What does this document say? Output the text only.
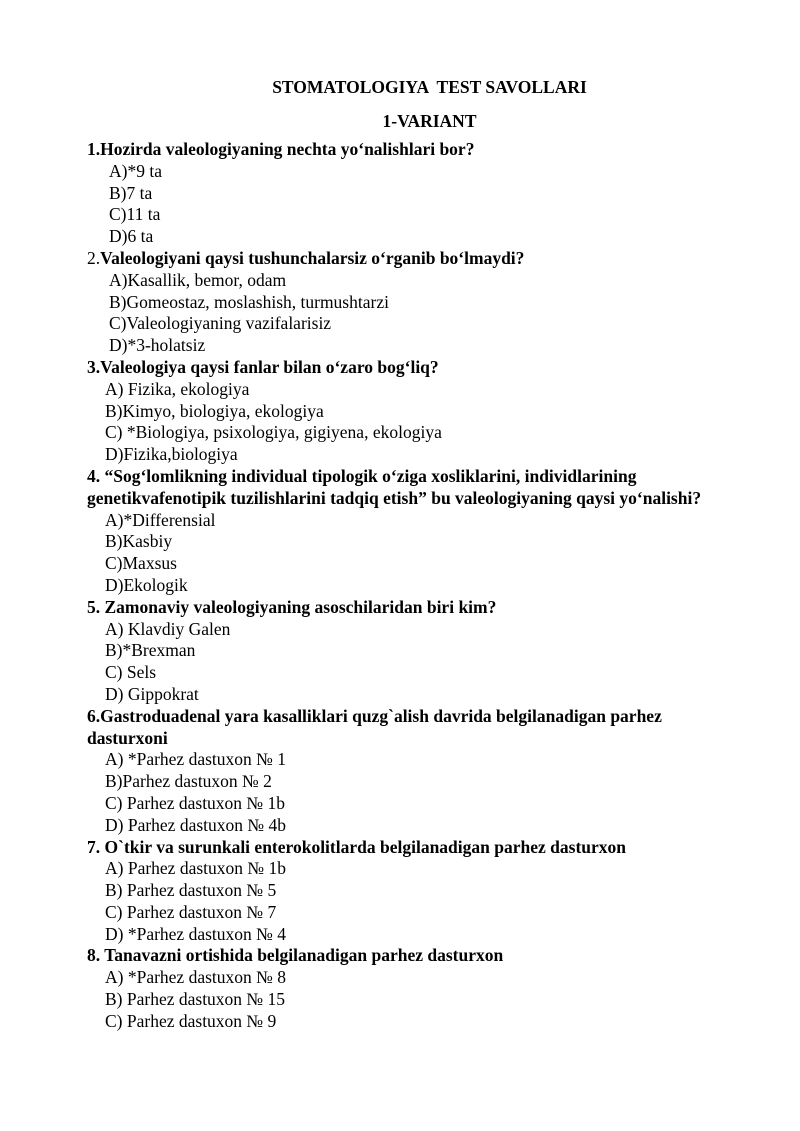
STOMATOLOGIYA  TEST SAVOLLARI
1-VARIANT

1.Hozirda valeologiyaning nechta yo‘nalishlari bor?

A)*9 ta
B)7 ta
C)11 ta
D)6 ta

2.Valeologiyani qaysi tushunchalarsiz o‘rganib bo‘lmaydi?

A)Kasallik, bemor, odam
B)Gomeostaz, moslashish, turmushtarzi
C)Valeologiyaning vazifalarisiz
D)*3-holatsiz

3.Valeologiya qaysi fanlar bilan o‘zaro bog‘liq?

A) Fizika, ekologiya
B)Kimyo, biologiya, ekologiya
C) *Biologiya, psixologiya, gigiyena, ekologiya
D)Fizika,biologiya

4. “Sog‘lomlikning individual tipologik o‘ziga xosliklarini, individlarining genetikvafenotipik tuzilishlarini tadqiq etish” bu valeologiyaning qaysi yo‘nalishi?

A)*Differensial
B)Kasbiy
C)Maxsus
D)Ekologik

5. Zamonaviy valeologiyaning asoschilaridan biri kim?

A) Klavdiy Galen
B)*Brexman
C) Sels
D) Gippokrat

6.Gastroduadenal yara kasalliklari quzg`alish davrida belgilanadigan parhez dasturxoni

A) *Parhez dastuxon № 1
B)Parhez dastuxon № 2
C) Parhez dastuxon № 1b
D) Parhez dastuxon № 4b

7. O`tkir va surunkali enterokolitlarda belgilanadigan parhez dasturxon

A) Parhez dastuxon № 1b
B) Parhez dastuxon № 5
C) Parhez dastuxon № 7
D) *Parhez dastuxon № 4

8. Tanavazni ortishida belgilanadigan parhez dasturxon

A) *Parhez dastuxon № 8
B) Parhez dastuxon № 15
C) Parhez dastuxon № 9
